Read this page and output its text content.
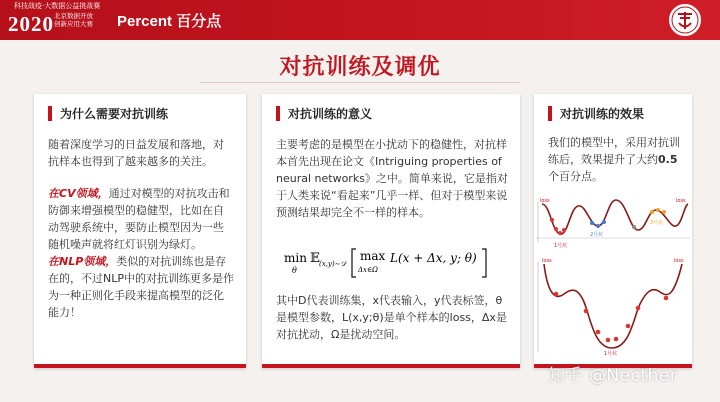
科技战疫·大数据公益挑战赛
2020 北京数据开放
创新应用大赛	Percent 百分点
对抗训练及调优
为什么需要对抗训练

随着深度学习的日益发展和落地，对抗样本也得到了越来越多的关注。

在CV领域，通过对模型的对抗攻击和防御来增强模型的稳健型，比如在自动驾驶系统中，要防止模型因为一些随机噪声就将红灯识别为绿灯。

在NLP领域，类似的对抗训练也是存在的，不过NLP中的对抗训练更多是作为一种正则化手段来提高模型的泛化能力！

对抗训练的意义

主要考虑的是模型在小扰动下的稳健性，对抗样本首先出现在论文《Intriguing properties of neural networks》之中。简单来说，它是指对于人类来说“看起来”几乎一样、但对于模型来说预测结果却完全不一样的样本。

min
θ
𝔼 (x,y)∼𝒟
max
Δx∈Ω
L(x + Δx, y; θ)

其中D代表训练集，x代表输入，y代表标签，θ是模型参数，L(x,y;θ)是单个样本的loss，Δx是对抗扰动，Ω是扰动空间。

对抗训练的效果

我们的模型中，采用对抗训练后，效果提升了大约0.5个百分点。

loss	loss
1号坑
2号坑
3号坑
loss	loss
1号坑
知乎 @Necther
